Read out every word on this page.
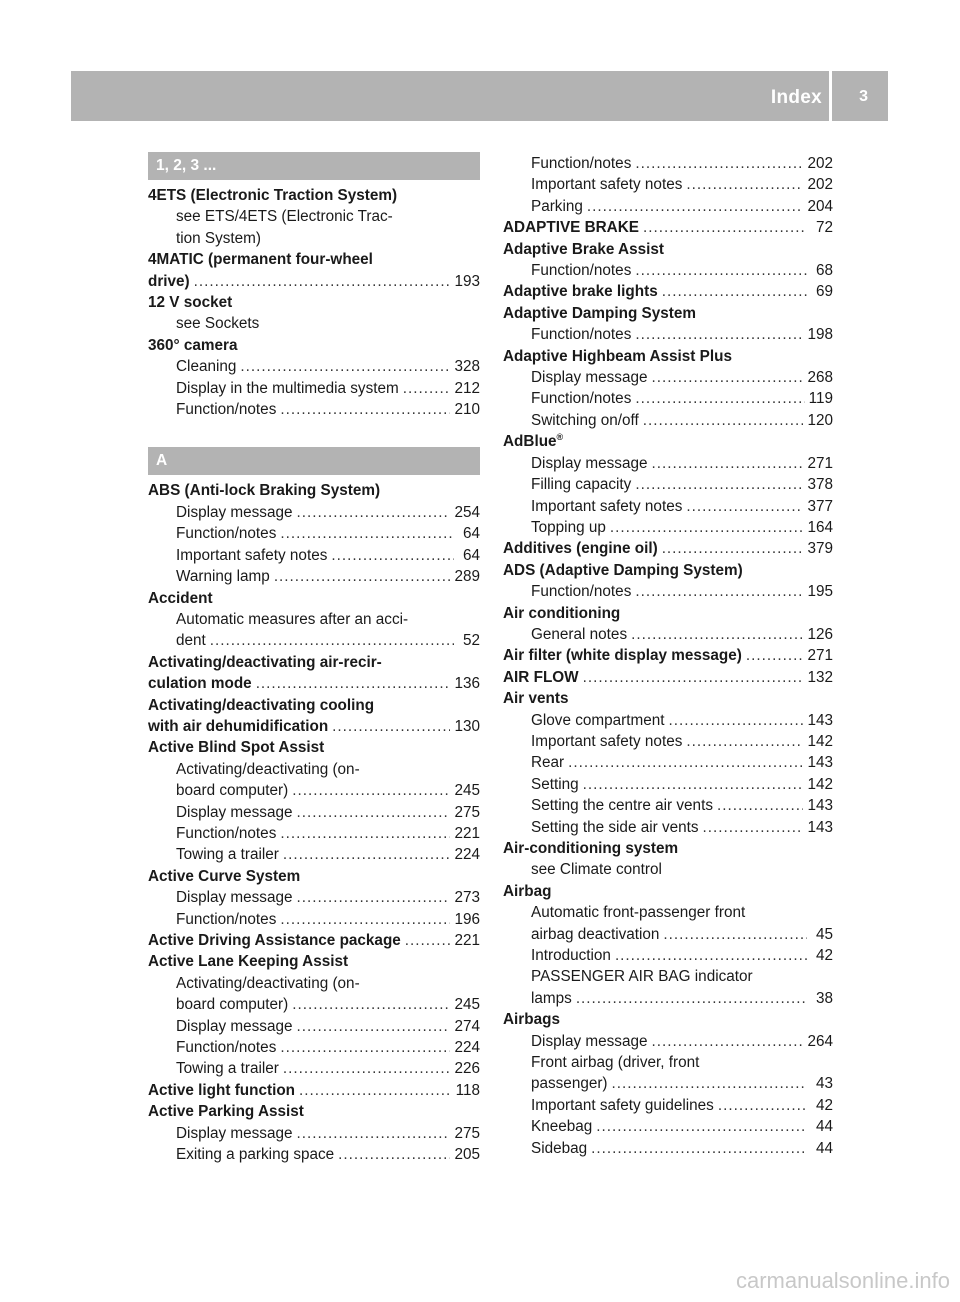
Index 3
1, 2, 3 ...
4ETS (Electronic Traction System)
see ETS/4ETS (Electronic Trac-
tion System)
4MATIC (permanent four-wheel
drive) .....	193
12 V socket
see Sockets
360° camera
Cleaning .....	328
Display in the multimedia system .....	212
Function/notes .....	210
A
ABS (Anti-lock Braking System)
Display message .....	254
Function/notes .....	64
Important safety notes .....	64
Warning lamp .....	289
Accident
Automatic measures after an acci-
dent .....	52
Activating/deactivating air-recir-
culation mode .....	136
Activating/deactivating cooling
with air dehumidification .....	130
Active Blind Spot Assist
Activating/deactivating (on-
board computer) .....	245
Display message .....	275
Function/notes .....	221
Towing a trailer .....	224
Active Curve System
Display message .....	273
Function/notes .....	196
Active Driving Assistance package .....	221
Active Lane Keeping Assist
Activating/deactivating (on-
board computer) .....	245
Display message .....	274
Function/notes .....	224
Towing a trailer .....	226
Active light function .....	118
Active Parking Assist
Display message .....	275
Exiting a parking space .....	205
Function/notes .....	202
Important safety notes .....	202
Parking .....	204
ADAPTIVE BRAKE .....	72
Adaptive Brake Assist
Function/notes .....	68
Adaptive brake lights .....	69
Adaptive Damping System
Function/notes .....	198
Adaptive Highbeam Assist Plus
Display message .....	268
Function/notes .....	119
Switching on/off .....	120
AdBlue®
Display message .....	271
Filling capacity .....	378
Important safety notes .....	377
Topping up .....	164
Additives (engine oil) .....	379
ADS (Adaptive Damping System)
Function/notes .....	195
Air conditioning
General notes .....	126
Air filter (white display message) .....	271
AIR FLOW .....	132
Air vents
Glove compartment .....	143
Important safety notes .....	142
Rear .....	143
Setting .....	142
Setting the centre air vents .....	143
Setting the side air vents .....	143
Air-conditioning system
see Climate control
Airbag
Automatic front-passenger front
airbag deactivation .....	45
Introduction .....	42
PASSENGER AIR BAG indicator
lamps .....	38
Airbags
Display message .....	264
Front airbag (driver, front
passenger) .....	43
Important safety guidelines .....	42
Kneebag .....	44
Sidebag .....	44
carmanualsonline.info
